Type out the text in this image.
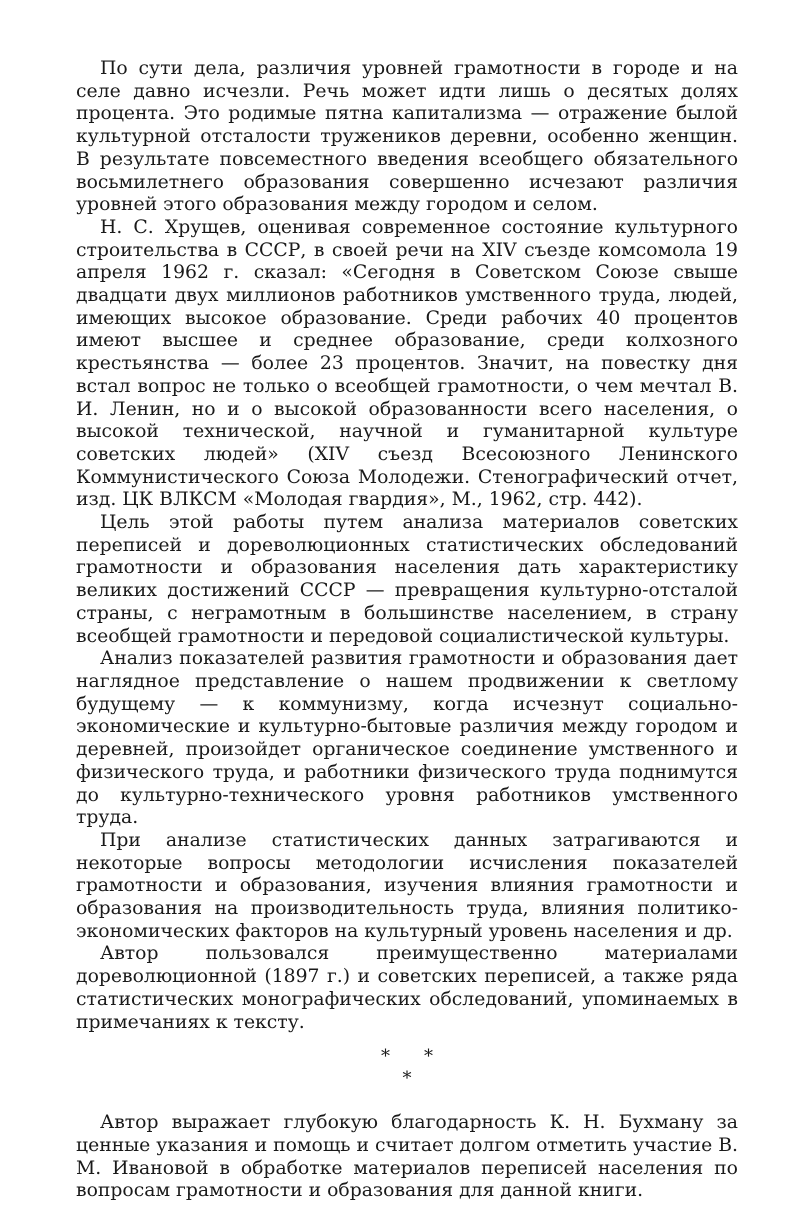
По сути дела, различия уровней грамотности в городе и на селе давно исчезли. Речь может идти лишь о десятых долях процента. Это родимые пятна капитализма — отражение былой культурной отсталости тружеников деревни, особенно женщин. В результате повсеместного введения всеобщего обязательного восьмилетнего образования совершенно исчезают различия уровней этого образования между городом и селом.

Н. С. Хрущев, оценивая современное состояние культурного строительства в СССР, в своей речи на XIV съезде комсомола 19 апреля 1962 г. сказал: «Сегодня в Советском Союзе свыше двадцати двух миллионов работников умственного труда, людей, имеющих высокое образование. Среди рабочих 40 процентов имеют высшее и среднее образование, среди колхозного крестьянства — более 23 процентов. Значит, на повестку дня встал вопрос не только о всеобщей грамотности, о чем мечтал В. И. Ленин, но и о высокой образованности всего населения, о высокой технической, научной и гуманитарной культуре советских людей» (XIV съезд Всесоюзного Ленинского Коммунистического Союза Молодежи. Стенографический отчет, изд. ЦК ВЛКСМ «Молодая гвардия», М., 1962, стр. 442).

Цель этой работы путем анализа материалов советских переписей и дореволюционных статистических обследований грамотности и образования населения дать характеристику великих достижений СССР — превращения культурно-отсталой страны, с неграмотным в большинстве населением, в страну всеобщей грамотности и передовой социалистической культуры.

Анализ показателей развития грамотности и образования дает наглядное представление о нашем продвижении к светлому будущему — к коммунизму, когда исчезнут социально-экономические и культурно-бытовые различия между городом и деревней, произойдет органическое соединение умственного и физического труда, и работники физического труда поднимутся до культурно-технического уровня работников умственного труда.

При анализе статистических данных затрагиваются и некоторые вопросы методологии исчисления показателей грамотности и образования, изучения влияния грамотности и образования на производительность труда, влияния политико-экономических факторов на культурный уровень населения и др.

Автор пользовался преимущественно материалами дореволюционной (1897 г.) и советских переписей, а также ряда статистических монографических обследований, упоминаемых в примечаниях к тексту.

**
*

Автор выражает глубокую благодарность К. Н. Бухману за ценные указания и помощь и считает долгом отметить участие В. М. Ивановой в обработке материалов переписей населения по вопросам грамотности и образования для данной книги.
